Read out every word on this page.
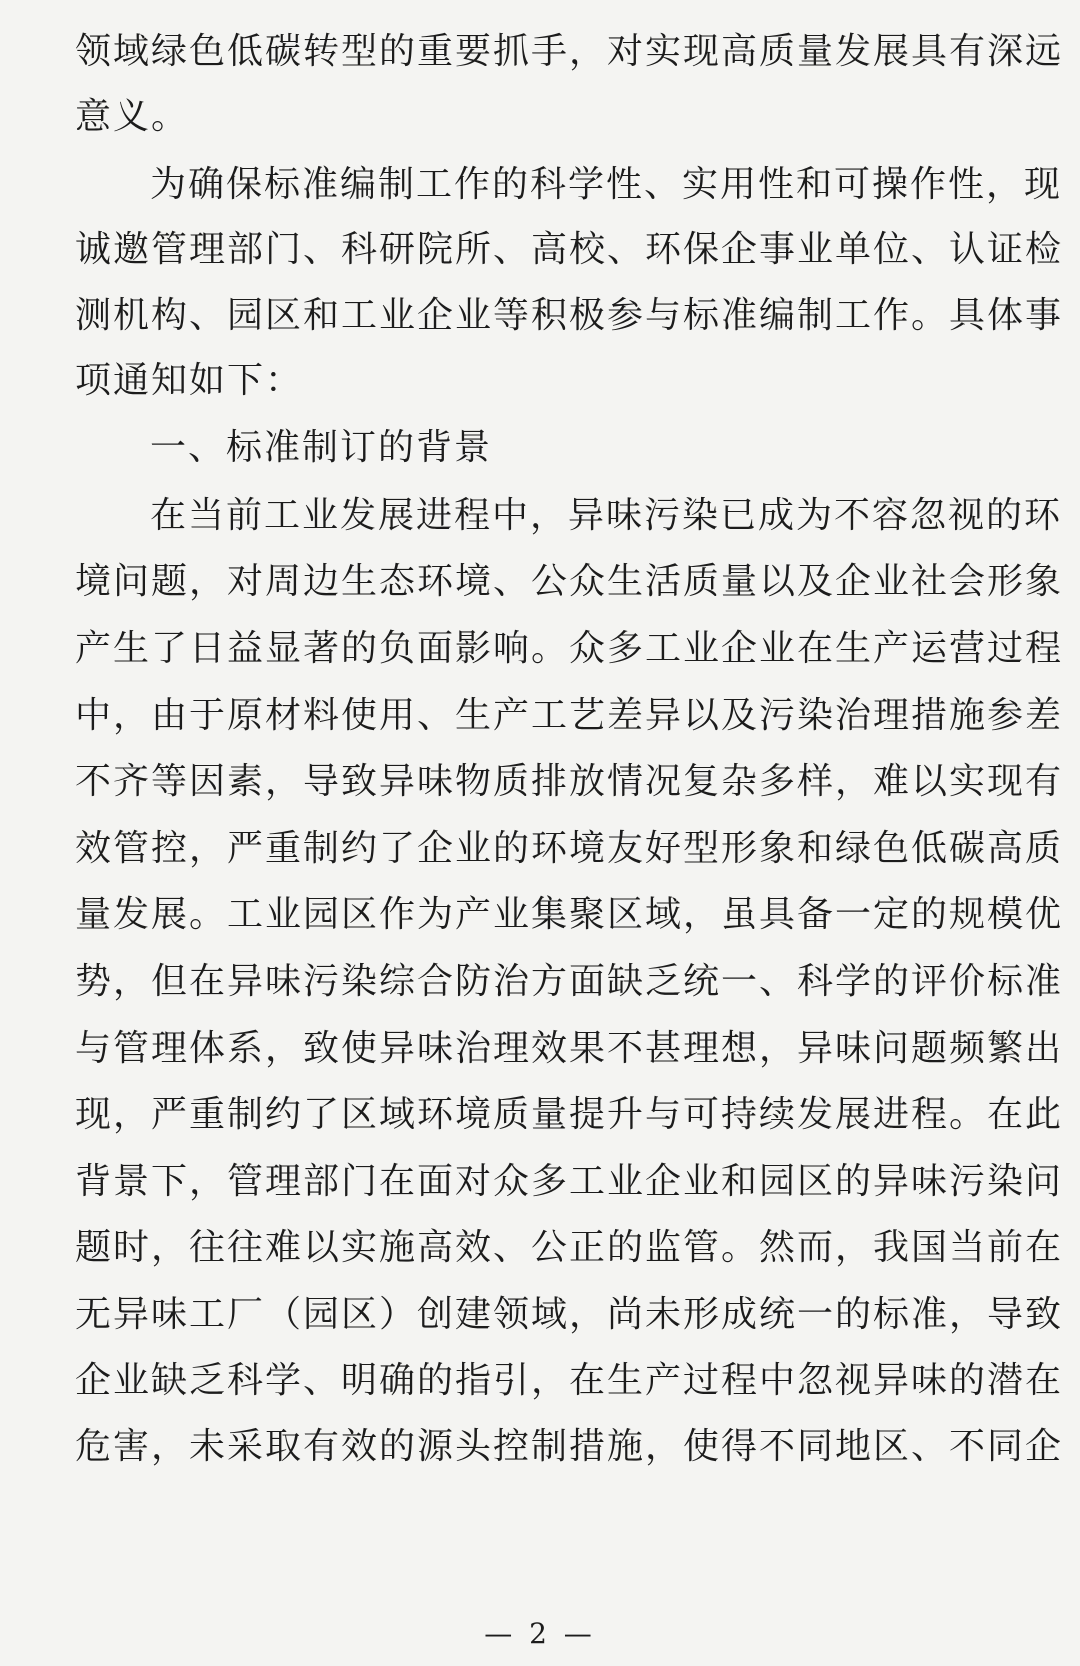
领域绿色低碳转型的重要抓手，对实现高质量发展具有深远
意义。
为确保标准编制工作的科学性、实用性和可操作性，现
诚邀管理部门、科研院所、高校、环保企事业单位、认证检
测机构、园区和工业企业等积极参与标准编制工作。具体事
项通知如下：
一、标准制订的背景
在当前工业发展进程中，异味污染已成为不容忽视的环
境问题，对周边生态环境、公众生活质量以及企业社会形象
产生了日益显著的负面影响。众多工业企业在生产运营过程
中，由于原材料使用、生产工艺差异以及污染治理措施参差
不齐等因素，导致异味物质排放情况复杂多样，难以实现有
效管控，严重制约了企业的环境友好型形象和绿色低碳高质
量发展。工业园区作为产业集聚区域，虽具备一定的规模优
势，但在异味污染综合防治方面缺乏统一、科学的评价标准
与管理体系，致使异味治理效果不甚理想，异味问题频繁出
现，严重制约了区域环境质量提升与可持续发展进程。在此
背景下，管理部门在面对众多工业企业和园区的异味污染问
题时，往往难以实施高效、公正的监管。然而，我国当前在
无异味工厂（园区）创建领域，尚未形成统一的标准，导致
企业缺乏科学、明确的指引，在生产过程中忽视异味的潜在
危害，未采取有效的源头控制措施，使得不同地区、不同企
— 2 —
